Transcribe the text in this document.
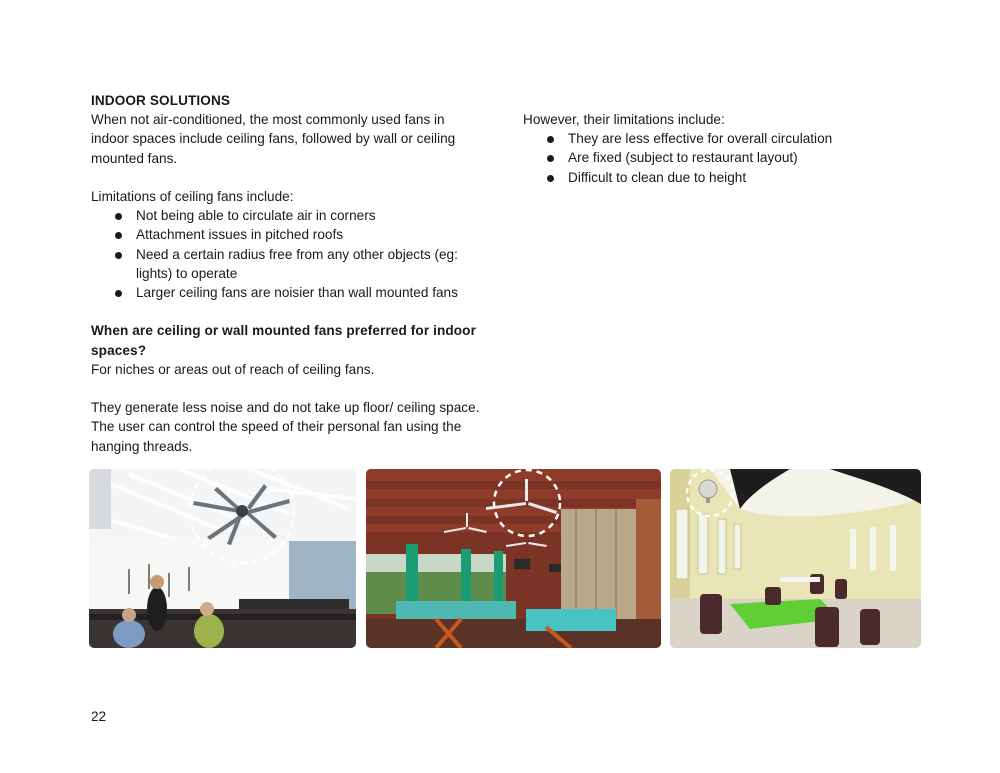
INDOOR SOLUTIONS
When not air-conditioned, the most commonly used fans in indoor spaces include ceiling fans, followed by wall or ceiling mounted fans.
Limitations of ceiling fans include:
Not being able to circulate air in corners
Attachment issues in pitched roofs
Need a certain radius free from any other objects (eg: lights) to operate
Larger ceiling fans are noisier than wall mounted fans
When are ceiling or wall mounted fans preferred for indoor spaces?
For niches or areas out of reach of ceiling fans.
They generate less noise and do not take up floor/ ceiling space. The user can control the speed of their personal fan using the hanging threads.
However, their limitations include:
They are less effective for overall circulation
Are fixed (subject to restaurant layout)
Difficult to clean due to height
22
